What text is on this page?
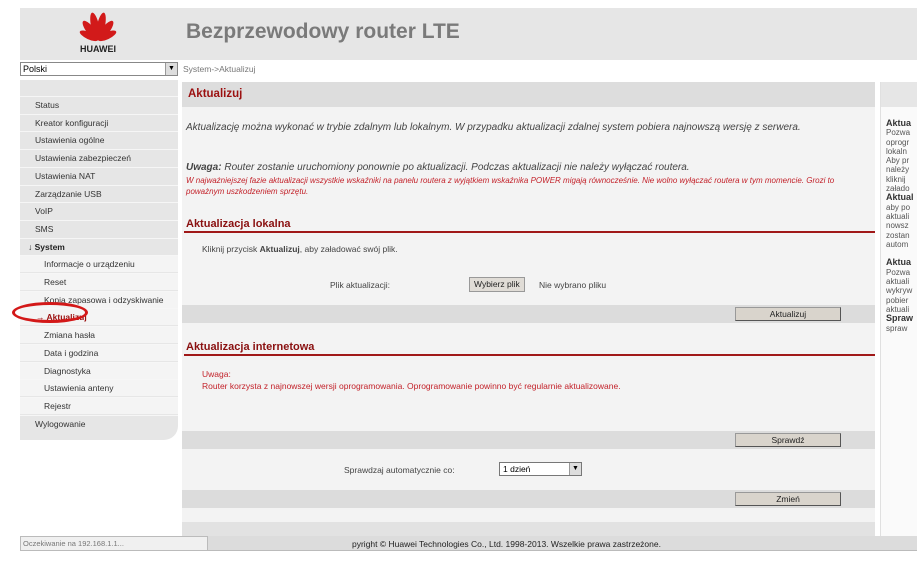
HUAWEI
Bezprzewodowy router LTE
Polski	▼ System->Aktualizuj
Status
Kreator konfiguracji
Ustawienia ogólne
Ustawienia zabezpieczeń
Ustawienia NAT
Zarządzanie USB
VoIP
SMS
↓ System
Informacje o urządzeniu
Reset
Kopia zapasowa i odzyskiwanie
→ Aktualizuj
Zmiana hasła
Data i godzina
Diagnostyka
Ustawienia anteny
Rejestr
Wylogowanie
Aktualizuj
Aktualizację można wykonać w trybie zdalnym lub lokalnym. W przypadku aktualizacji zdalnej system pobiera najnowszą wersję z serwera.
Uwaga: Router zostanie uruchomiony ponownie po aktualizacji. Podczas aktualizacji nie należy wyłączać routera.
W najważniejszej fazie aktualizacji wszystkie wskaźniki na panelu routera z wyjątkiem wskaźnika POWER migają równocześnie. Nie wolno wyłączać routera w tym momencie. Grozi to poważnym uszkodzeniem sprzętu.
Aktualizacja lokalna
Kliknij przycisk Aktualizuj, aby załadować swój plik.
Plik aktualizacji:	Wybierz plik	Nie wybrano pliku
Aktualizuj
Aktualizacja internetowa
Uwaga:
Router korzysta z najnowszej wersji oprogramowania. Oprogramowanie powinno być regularnie aktualizowane.
Sprawdź
Sprawdzaj automatycznie co:	1 dzień	▼
Zmień
Aktua

Pozwa oprogr lokaln Aby pr należy kliknij załado
Aktual
aby po aktuali nowsz zostan autom

Aktua

Pozwa aktuali wykryw pobier aktuali
Spraw
spraw
pyright © Huawei Technologies Co., Ltd. 1998-2013. Wszelkie prawa zastrzeżone.
Oczekiwanie na 192.168.1.1...
